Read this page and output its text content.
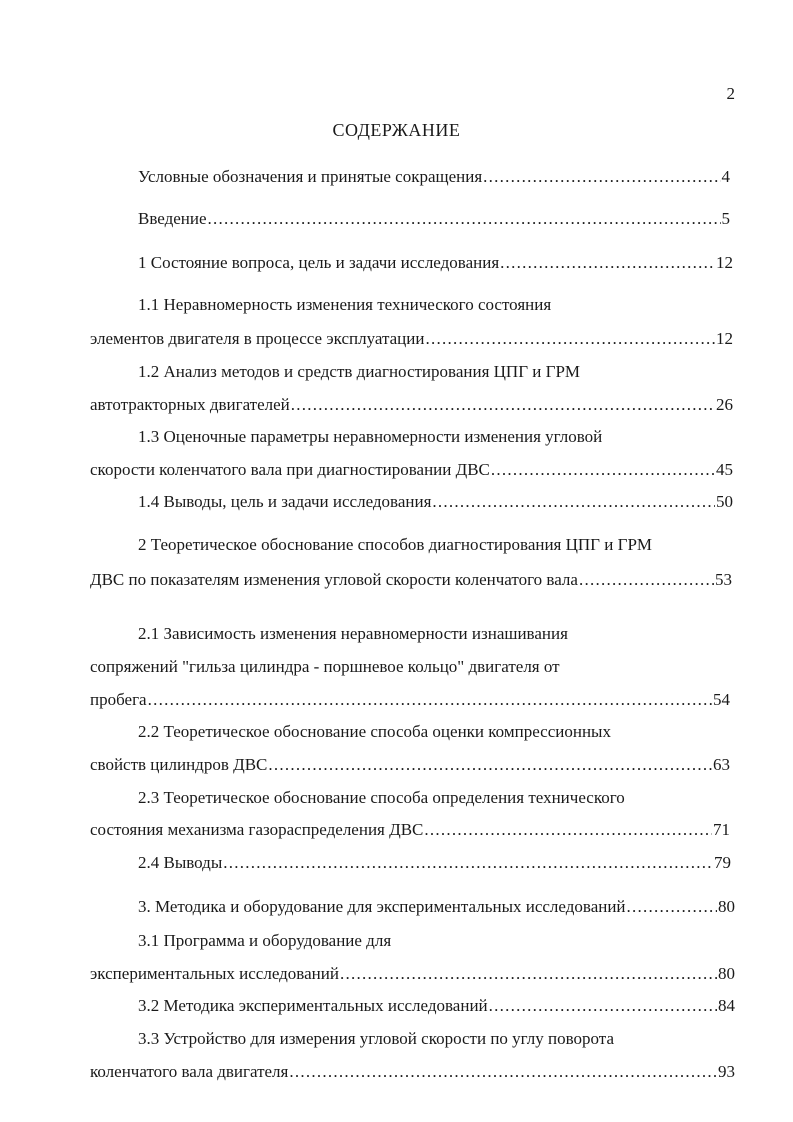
2
СОДЕРЖАНИЕ
Условные обозначения и принятые сокращения . . .	4
Введение . . .	5
1 Состояние вопроса, цель и задачи исследования . . .	12
1.1 Неравномерность изменения технического состояния
элементов двигателя в процессе эксплуатации . . .	12
1.2 Анализ методов и средств диагностирования ЦПГ и ГРМ
автотракторных двигателей . . .	26
1.3 Оценочные параметры неравномерности изменения угловой
скорости коленчатого вала при диагностировании ДВС . . .	45
1.4 Выводы, цель и задачи исследования . . .	50
2 Теоретическое обоснование способов диагностирования ЦПГ и ГРМ
ДВС по показателям изменения угловой скорости коленчатого вала . . .	53
2.1 Зависимость изменения неравномерности изнашивания
сопряжений "гильза цилиндра - поршневое кольцо" двигателя от
пробега . . .	54
2.2 Теоретическое обоснование способа оценки компрессионных
свойств цилиндров ДВС . . .	63
2.3 Теоретическое обоснование способа определения технического
состояния механизма газораспределения ДВС . . .	71
2.4 Выводы . . .	79
3. Методика и оборудование для экспериментальных исследований . . .	80
3.1 Программа и оборудование для
экспериментальных исследований . . .	80
3.2 Методика экспериментальных исследований . . .	84
3.3 Устройство для измерения угловой скорости по углу поворота
коленчатого вала двигателя . . .	93
